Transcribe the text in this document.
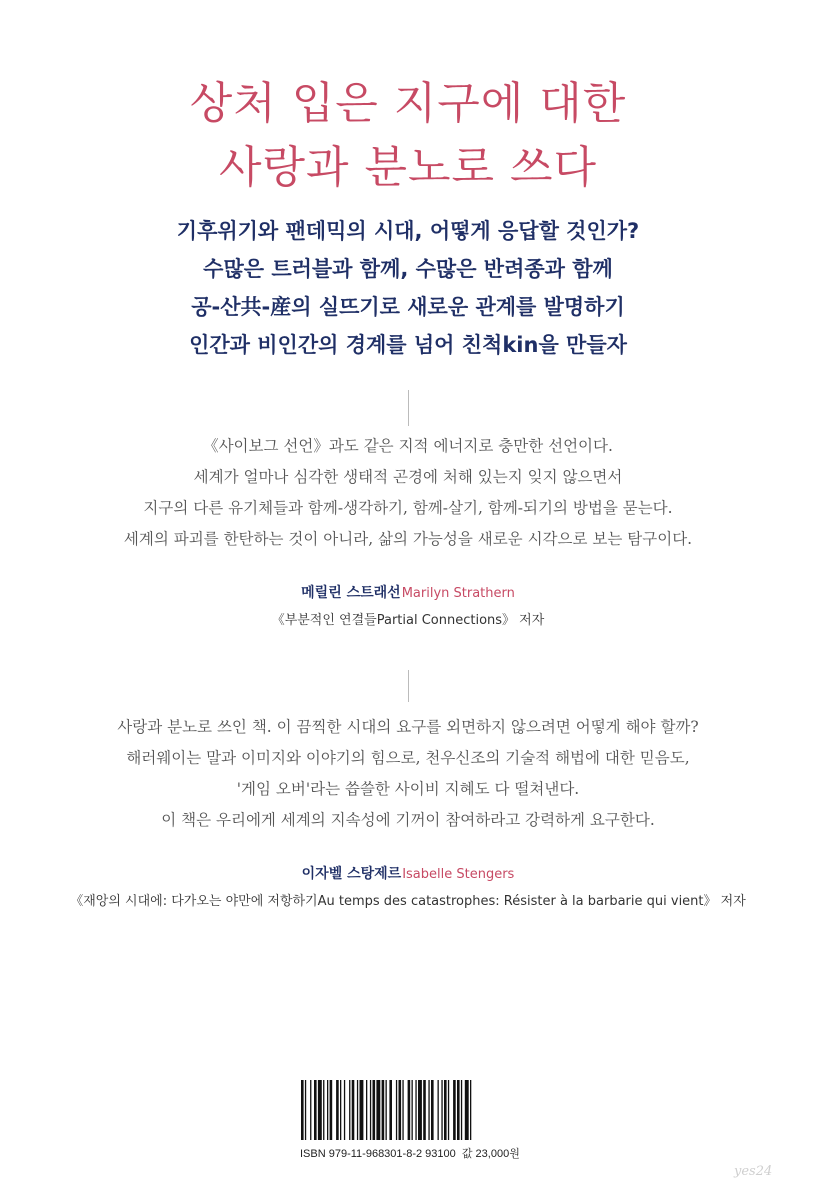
상처 입은 지구에 대한
사랑과 분노로 쓰다
기후위기와 팬데믹의 시대, 어떻게 응답할 것인가?
수많은 트러블과 함께, 수많은 반려종과 함께
공-산共-産의 실뜨기로 새로운 관계를 발명하기
인간과 비인간의 경계를 넘어 친척kin을 만들자
《사이보그 선언》과도 같은 지적 에너지로 충만한 선언이다.
세계가 얼마나 심각한 생태적 곤경에 처해 있는지 잊지 않으면서
지구의 다른 유기체들과 함께-생각하기, 함께-살기, 함께-되기의 방법을 묻는다.
세계의 파괴를 한탄하는 것이 아니라, 삶의 가능성을 새로운 시각으로 보는 탐구이다.
메릴린 스트래선Marilyn Strathern
《부분적인 연결들Partial Connections》 저자
사랑과 분노로 쓰인 책. 이 끔찍한 시대의 요구를 외면하지 않으려면 어떻게 해야 할까?
해러웨이는 말과 이미지와 이야기의 힘으로, 천우신조의 기술적 해법에 대한 믿음도,
'게임 오버'라는 씁쓸한 사이비 지혜도 다 떨쳐낸다.
이 책은 우리에게 세계의 지속성에 기꺼이 참여하라고 강력하게 요구한다.
이자벨 스탕제르Isabelle Stengers
《재앙의 시대에: 다가오는 야만에 저항하기Au temps des catastrophes: Résister à la barbarie qui vient》 저자
ISBN 979-11-968301-8-2 93100 값 23,000원
yes24
